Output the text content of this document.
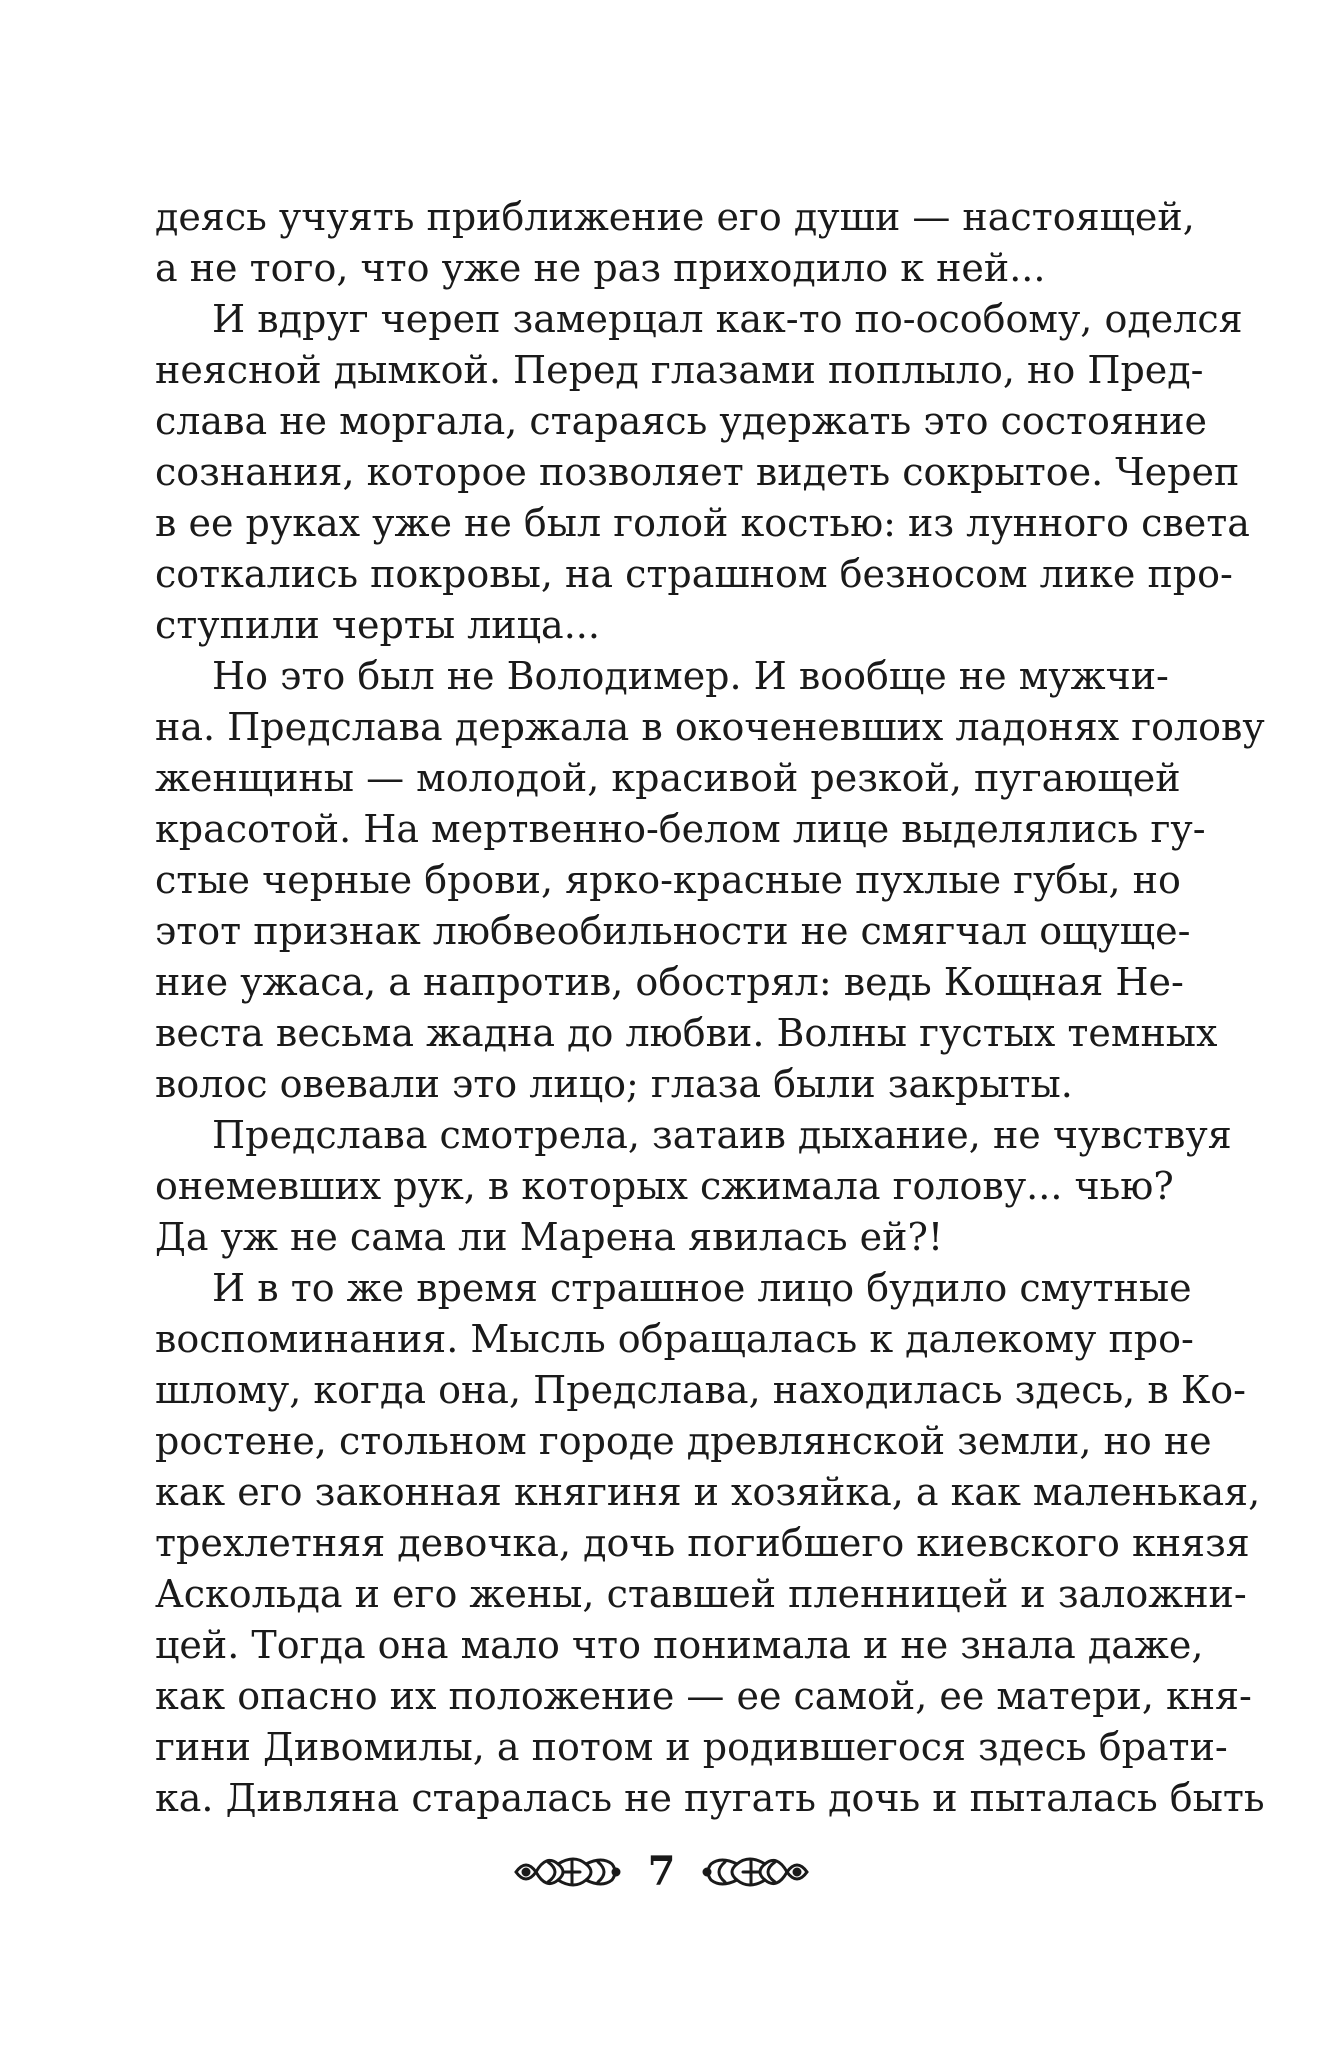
деясь учуять приближение его души — настоящей,
а не того, что уже не раз приходило к ней...
И вдруг череп замерцал как-то по-особому, оделся
неясной дымкой. Перед глазами поплыло, но Пред-
слава не моргала, стараясь удержать это состояние
сознания, которое позволяет видеть сокрытое. Череп
в ее руках уже не был голой костью: из лунного света
соткались покровы, на страшном безносом лике про-
ступили черты лица...
Но это был не Володимер. И вообще не мужчи-
на. Предслава держала в окоченевших ладонях голову
женщины — молодой, красивой резкой, пугающей
красотой. На мертвенно-белом лице выделялись гу-
стые черные брови, ярко-красные пухлые губы, но
этот признак любвеобильности не смягчал ощуще-
ние ужаса, а напротив, обострял: ведь Кощная Не-
веста весьма жадна до любви. Волны густых темных
волос овевали это лицо; глаза были закрыты.
Предслава смотрела, затаив дыхание, не чувствуя
онемевших рук, в которых сжимала голову... чью?
Да уж не сама ли Марена явилась ей?!
И в то же время страшное лицо будило смутные
воспоминания. Мысль обращалась к далекому про-
шлому, когда она, Предслава, находилась здесь, в Ко-
ростене, стольном городе древлянской земли, но не
как его законная княгиня и хозяйка, а как маленькая,
трехлетняя девочка, дочь погибшего киевского князя
Аскольда и его жены, ставшей пленницей и заложни-
цей. Тогда она мало что понимала и не знала даже,
как опасно их положение — ее самой, ее матери, кня-
гини Дивомилы, а потом и родившегося здесь брати-
ка. Дивляна старалась не пугать дочь и пыталась быть
7
